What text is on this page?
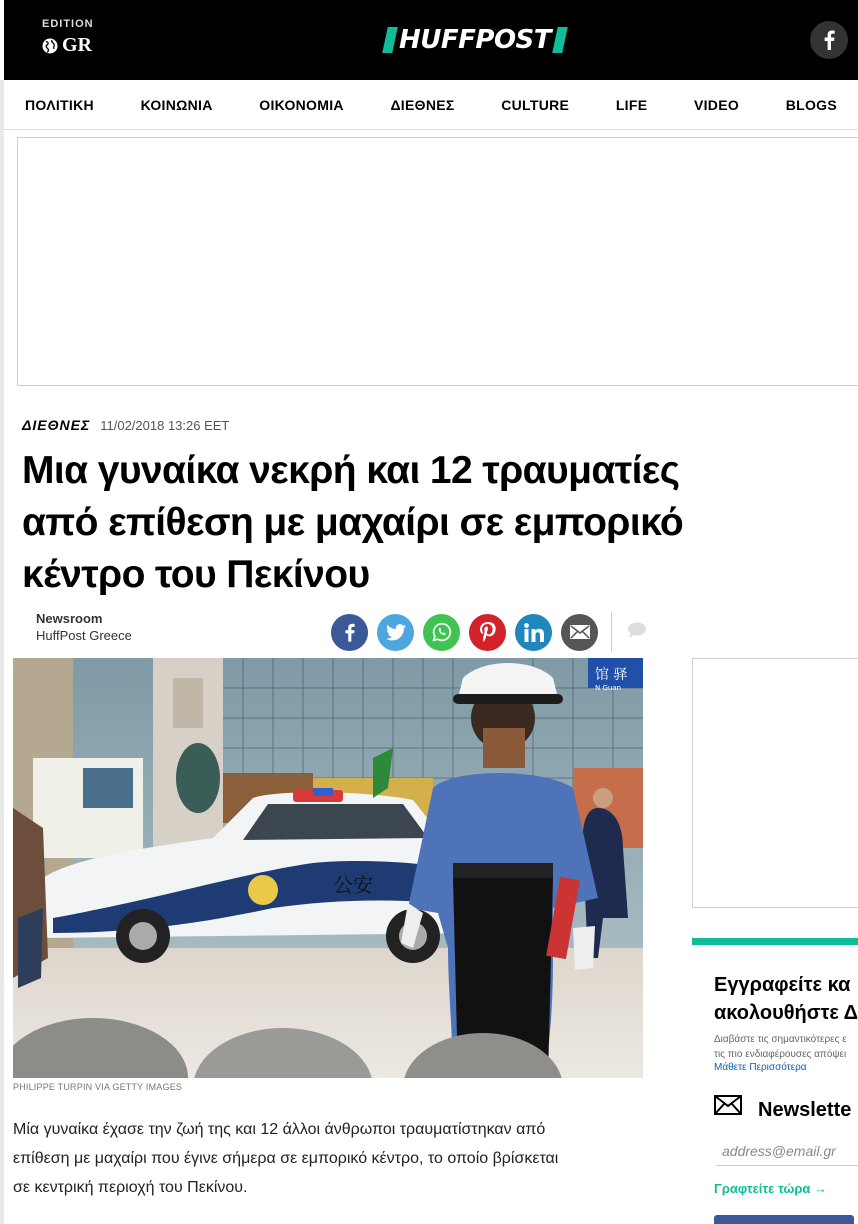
EDITION
GR	HUFFPOST
ΠΟΛΙΤΙΚΗ	ΚΟΙΝΩΝΙΑ	ΟΙΚΟΝΟΜΙΑ	ΔΙΕΘΝΕΣ	CULTURE	LIFE	VIDEO	BLOGS
ΔΙΕΘΝΕΣ 11/02/2018 13:26 EET
Μια γυναίκα νεκρή και 12 τραυματίες
από επίθεση με μαχαίρι σε εμπορικό
κέντρο του Πεκίνου
Newsroom
HuffPost Greece
馆 驿
N Guan
公安
PHILIPPE TURPIN VIA GETTY IMAGES
Μία γυναίκα έχασε την ζωή της και 12 άλλοι άνθρωποι τραυματίστηκαν από
επίθεση με μαχαίρι που έγινε σήμερα σε εμπορικό κέντρο, το οποίο βρίσκεται
σε κεντρική περιοχή του Πεκίνου.
Εγγραφείτε κα
ακολουθήστε Δ
Διαβάστε τις σημαντικότερες ε
τις πιο ενδιαφέρουσες απόψει
Μάθετε Περισσότερα
Newslette
address@email.gr
Γραφτείτε τώρα →
